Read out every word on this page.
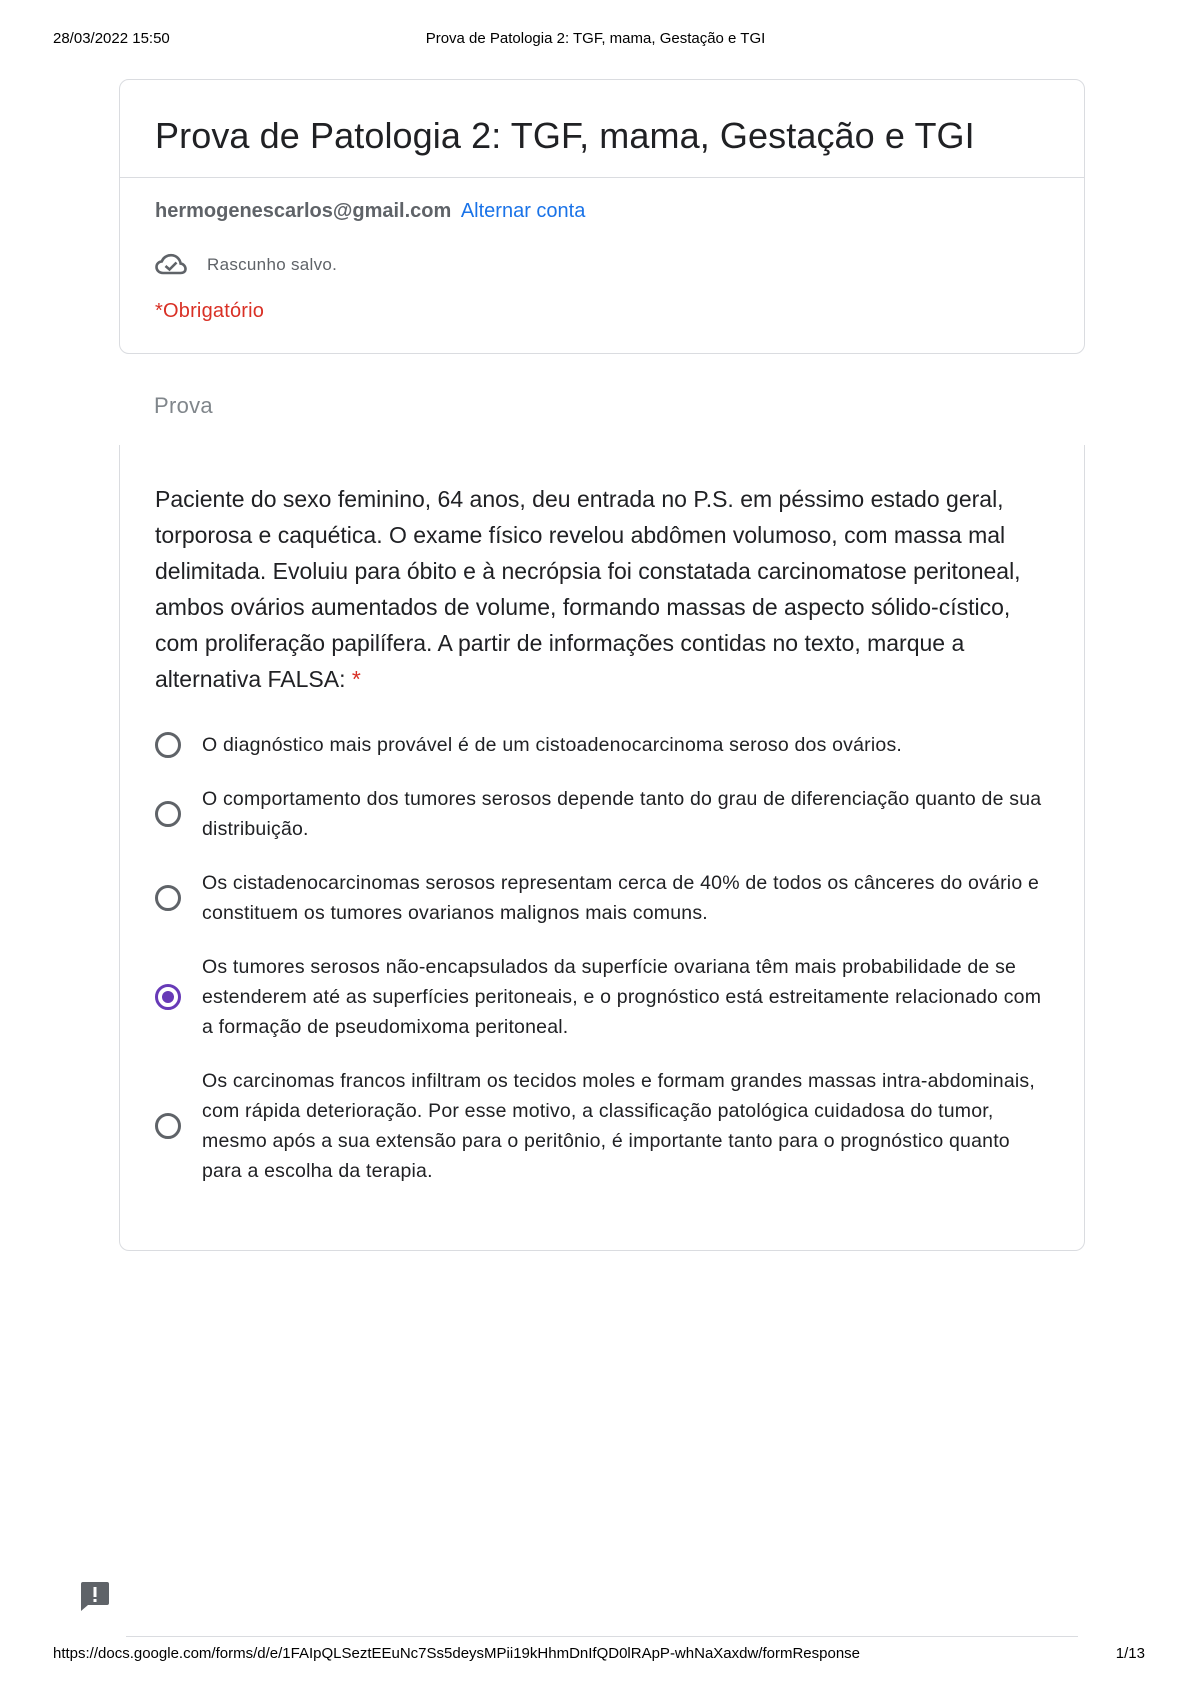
28/03/2022 15:50	Prova de Patologia 2: TGF, mama, Gestação e TGI
Prova de Patologia 2: TGF, mama, Gestação e TGI
hermogenescarlos@gmail.com Alternar conta
Rascunho salvo.
*Obrigatório
Prova
Paciente do sexo feminino, 64 anos, deu entrada no P.S. em péssimo estado geral, torporosa e caquética. O exame físico revelou abdômen volumoso, com massa mal delimitada. Evoluiu para óbito e à necrópsia foi constatada carcinomatose peritoneal, ambos ovários aumentados de volume, formando massas de aspecto sólido-cístico, com proliferação papilífera. A partir de informações contidas no texto, marque a alternativa FALSA: *
O diagnóstico mais provável é de um cistoadenocarcinoma seroso dos ovários.
O comportamento dos tumores serosos depende tanto do grau de diferenciação quanto de sua distribuição.
Os cistadenocarcinomas serosos representam cerca de 40% de todos os cânceres do ovário e constituem os tumores ovarianos malignos mais comuns.
Os tumores serosos não-encapsulados da superfície ovariana têm mais probabilidade de se estenderem até as superfícies peritoneais, e o prognóstico está estreitamente relacionado com a formação de pseudomixoma peritoneal.
Os carcinomas francos infiltram os tecidos moles e formam grandes massas intra-abdominais, com rápida deterioração. Por esse motivo, a classificação patológica cuidadosa do tumor, mesmo após a sua extensão para o peritônio, é importante tanto para o prognóstico quanto para a escolha da terapia.
https://docs.google.com/forms/d/e/1FAIpQLSeztEEuNc7Ss5deysMPii19kHhmDnIfQD0lRApP-whNaXaxdw/formResponse	1/13
